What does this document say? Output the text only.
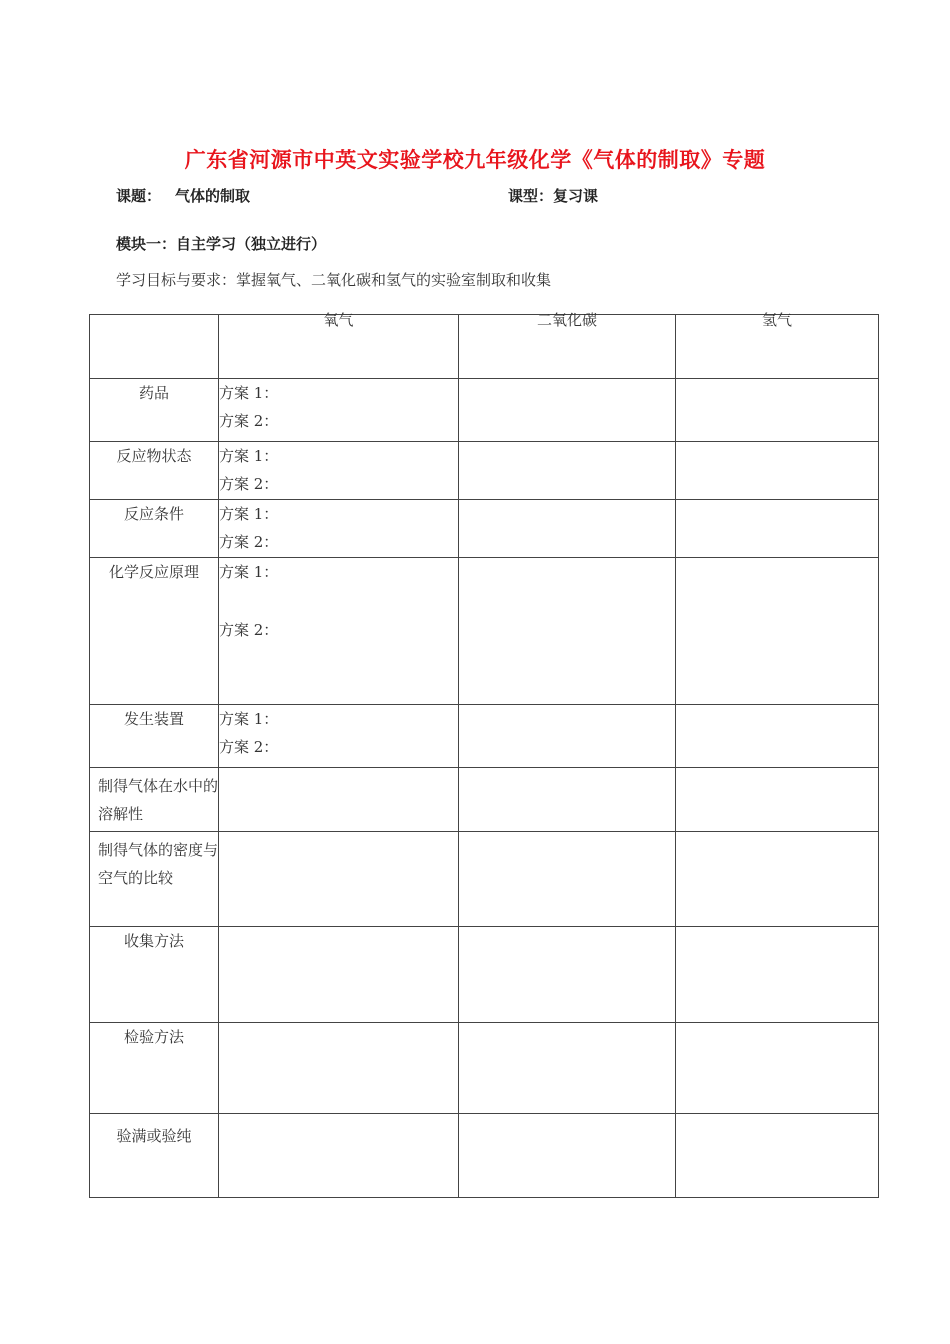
广东省河源市中英文实验学校九年级化学《气体的制取》专题
课题： 气体的制取	课型：复习课
模块一：自主学习（独立进行）
学习目标与要求：掌握氧气、二氧化碳和氢气的实验室制取和收集
	氧气	二氧化碳	氢气
药品	方案 1：
方案 2：		

反应物状态	方案 1：
方案 2：		

反应条件	方案 1：
方案 2：		

化学反应原理	方案 1：
方案 2：		

发生装置	方案 1：
方案 2：		

制得气体在水中的溶解性			
制得气体的密度与空气的比较			
收集方法			
检验方法			
验满或验纯			
